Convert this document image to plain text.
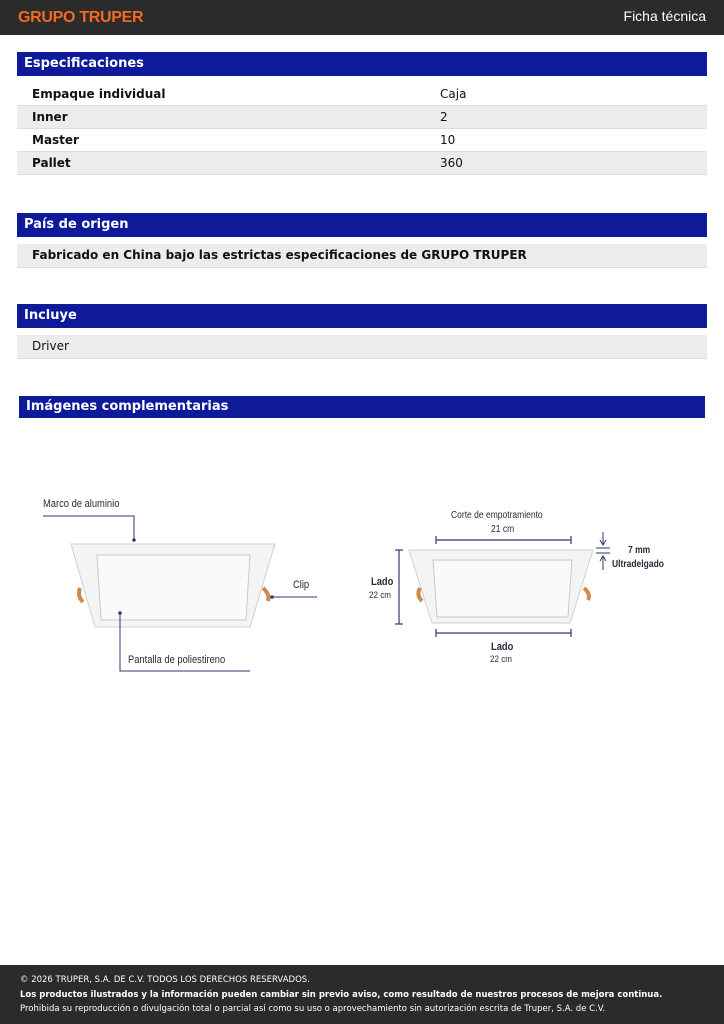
GRUPO TRUPER	Ficha técnica
Especificaciones
Empaque individual	Caja
Inner	2
Master	10
Pallet	360
País de origen
Fabricado en China bajo las estrictas especificaciones de GRUPO TRUPER
Incluye
Driver
Imágenes complementarias
Marco de aluminio
Clip
Pantalla de poliestireno
Corte de empotramiento
21 cm
Lado
22 cm
Lado
22 cm
7 mm
Ultradelgado
© 2026 TRUPER, S.A. DE C.V. TODOS LOS DERECHOS RESERVADOS.
Los productos ilustrados y la información pueden cambiar sin previo aviso, como resultado de nuestros procesos de mejora continua.
Prohibida su reproducción o divulgación total o parcial así como su uso o aprovechamiento sin autorización escrita de Truper, S.A. de C.V.
